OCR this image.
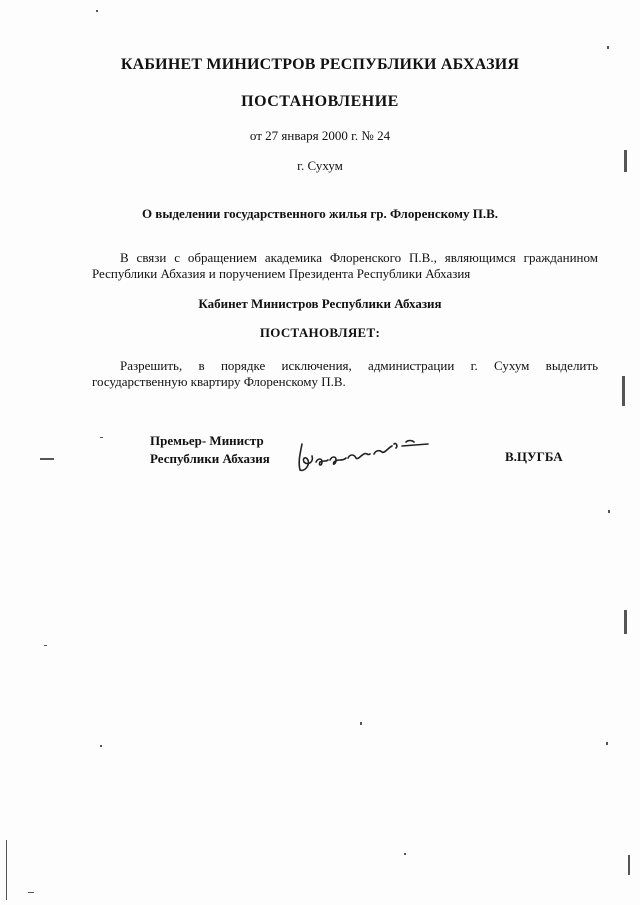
КАБИНЕТ МИНИСТРОВ РЕСПУБЛИКИ АБХАЗИЯ
ПОСТАНОВЛЕНИЕ
от 27 января 2000 г. № 24
г. Сухум
О выделении государственного жилья гр. Флоренскому П.В.
В связи с обращением академика Флоренского П.В., являющимся гражданином Республики Абхазия и поручением Президента Республики Абхазия
Кабинет Министров Республики Абхазия
ПОСТАНОВЛЯЕТ:
Разрешить, в порядке исключения, администрации г. Сухум выделить государственную квартиру Флоренскому П.В.
Премьер- Министр
Республики Абхазия	В.ЦУГБА
